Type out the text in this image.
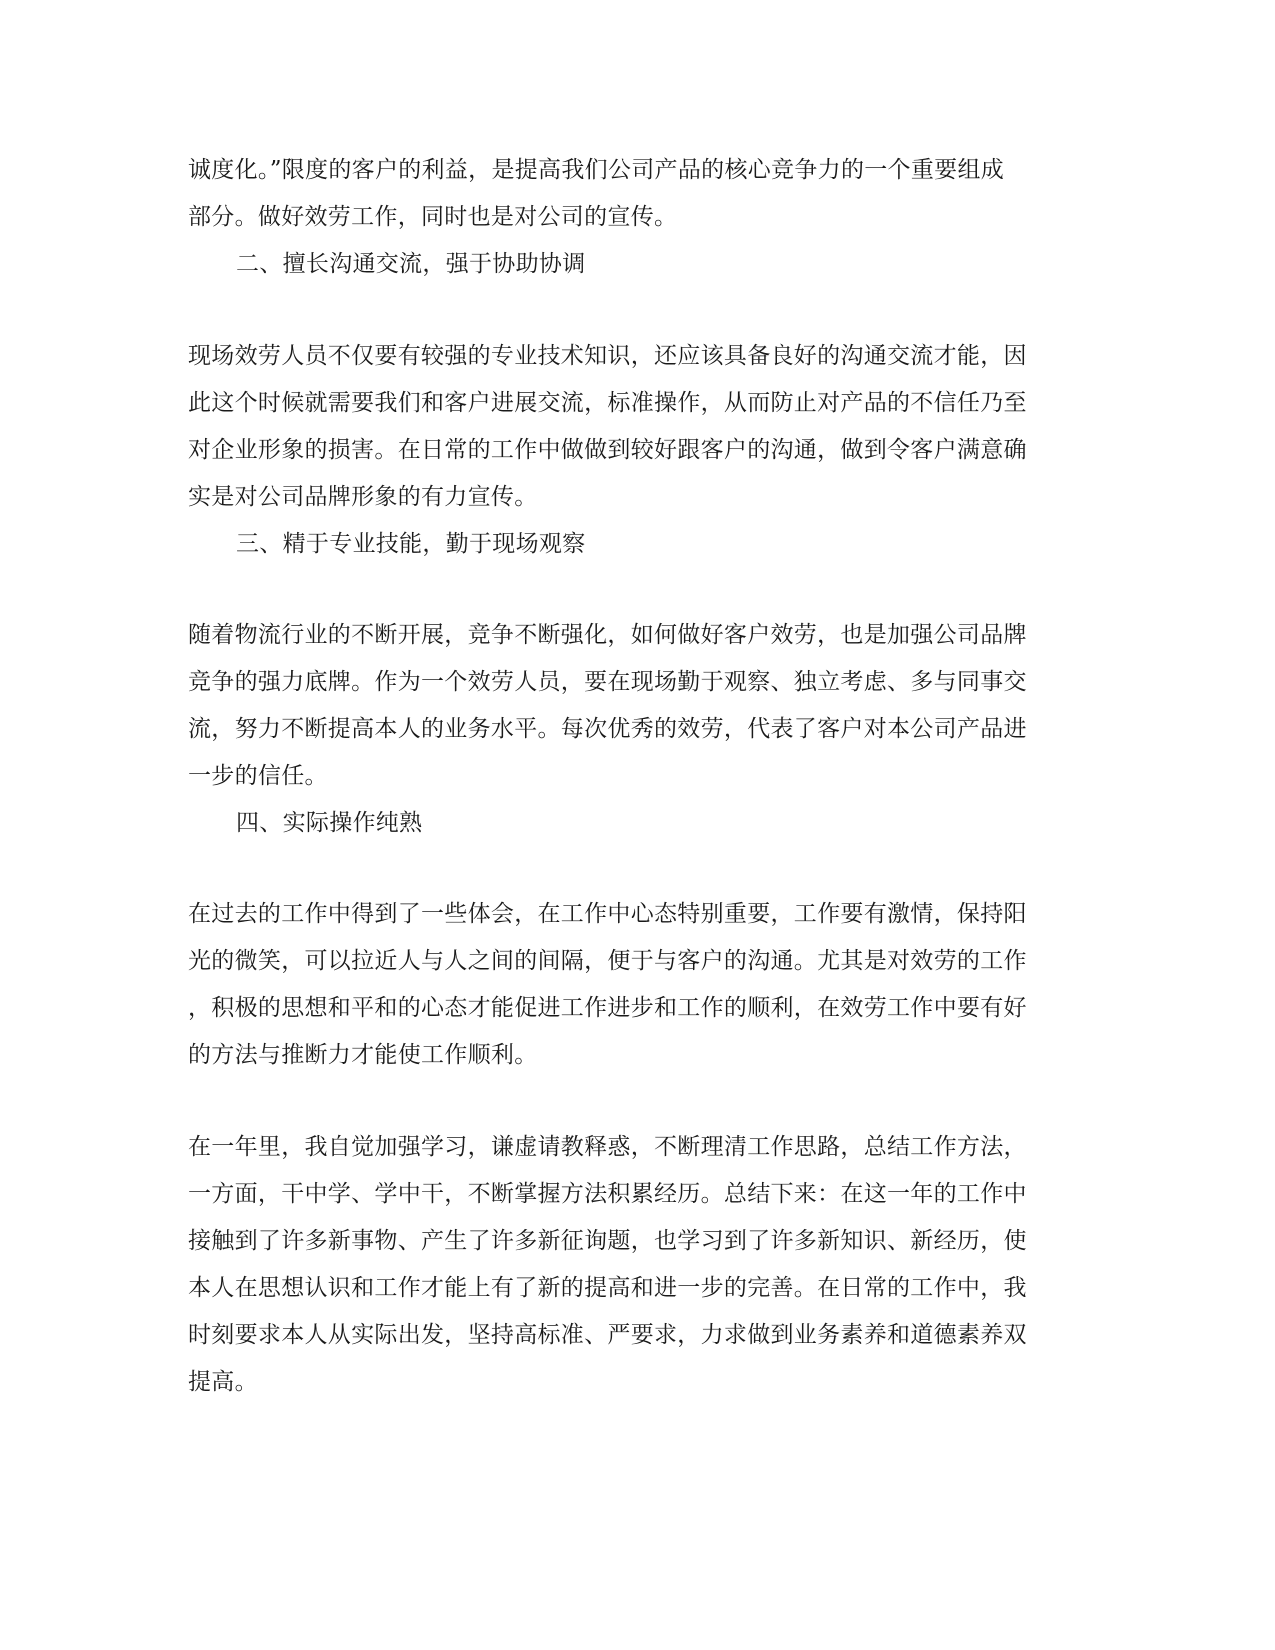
诚度化。”限度的客户的利益，是提高我们公司产品的核心竞争力的一个重要组成
部分。做好效劳工作，同时也是对公司的宣传。
二、擅长沟通交流，强于协助协调
现场效劳人员不仅要有较强的专业技术知识，还应该具备良好的沟通交流才能，因
此这个时候就需要我们和客户进展交流，标准操作，从而防止对产品的不信任乃至
对企业形象的损害。在日常的工作中做做到较好跟客户的沟通，做到令客户满意确
实是对公司品牌形象的有力宣传。
三、精于专业技能，勤于现场观察
随着物流行业的不断开展，竞争不断强化，如何做好客户效劳，也是加强公司品牌
竞争的强力底牌。作为一个效劳人员，要在现场勤于观察、独立考虑、多与同事交
流，努力不断提高本人的业务水平。每次优秀的效劳，代表了客户对本公司产品进
一步的信任。
四、实际操作纯熟
在过去的工作中得到了一些体会，在工作中心态特别重要，工作要有激情，保持阳
光的微笑，可以拉近人与人之间的间隔，便于与客户的沟通。尤其是对效劳的工作
，积极的思想和平和的心态才能促进工作进步和工作的顺利，在效劳工作中要有好
的方法与推断力才能使工作顺利。
在一年里，我自觉加强学习，谦虚请教释惑，不断理清工作思路，总结工作方法，
一方面，干中学、学中干，不断掌握方法积累经历。总结下来：在这一年的工作中
接触到了许多新事物、产生了许多新征询题，也学习到了许多新知识、新经历，使
本人在思想认识和工作才能上有了新的提高和进一步的完善。在日常的工作中，我
时刻要求本人从实际出发，坚持高标准、严要求，力求做到业务素养和道德素养双
提高。
